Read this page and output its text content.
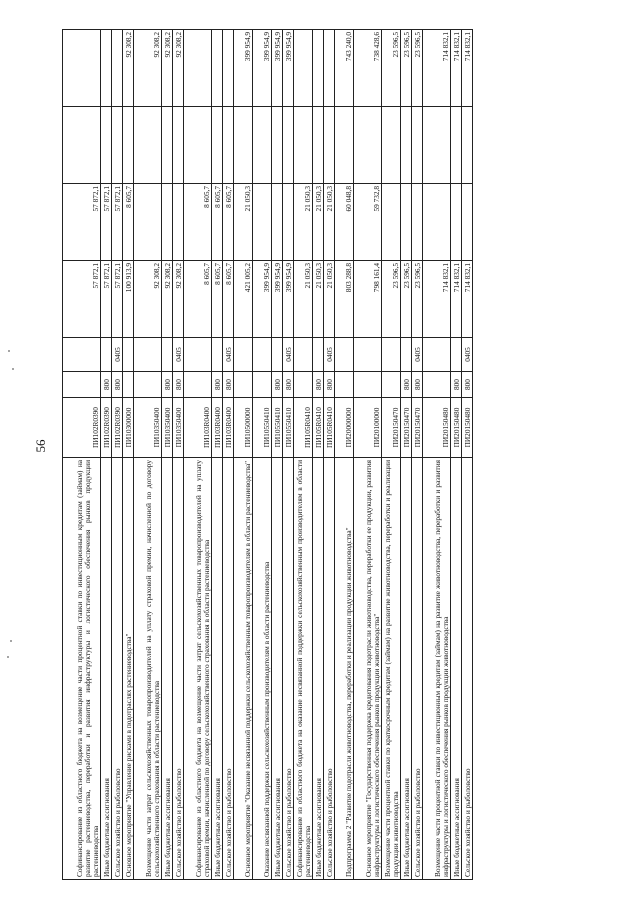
56
Софинансирование из областного бюджета на возмещение части процентной ставки по инвестиционным кредитам (займам) на развитие растениеводства, переработки и развития инфраструктуры и логистического обеспечения рынков продукции растениеводства	ПИ102R0390			57 872,1	57 872,1		
Иные бюджетные ассигнования	ПИ102R0390	800		57 872,1	57 872,1		
Сельское хозяйство и рыболовство	ПИ102R0390	800	0405	57 872,1	57 872,1		
Основное мероприятие "Управление рисками в подотраслях растениеводства"	ПИ10300000			100 913,9	8 605,7		92 308,2
Возмещение части затрат сельскохозяйственных товаропроизводителей на уплату страховой премии, начисленной по договору сельскохозяйственного страхования в области растениеводства	ПИ10350400			92 308,2			92 308,2
Иные бюджетные ассигнования	ПИ10350400	800		92 308,2			92 308,2
Сельское хозяйство и рыболовство	ПИ10350400	800	0405	92 308,2			92 308,2
Софинансирование из областного бюджета на возмещение части затрат сельскохозяйственных товаропроизводителей на уплату страховой премии, начисленной по договору сельскохозяйственного страхования в области растениеводства	ПИ103R0400			8 605,7	8 605,7		
Иные бюджетные ассигнования	ПИ103R0400	800		8 605,7	8 605,7		
Сельское хозяйство и рыболовство	ПИ103R0400	800	0405	8 605,7	8 605,7		
Основное мероприятие "Оказание несвязанной поддержки сельскохозяйственным товаропроизводителям в области растениеводства"	ПИ10500000			421 005,2	21 050,3		399 954,9
Оказание несвязанной поддержки сельскохозяйственным производителям в области растениеводства	ПИ10550410			399 954,9			399 954,9
Иные бюджетные ассигнования	ПИ10550410	800		399 954,9			399 954,9
Сельское хозяйство и рыболовство	ПИ10550410	800	0405	399 954,9			399 954,9
Софинансирование из областного бюджета на оказание несвязанной поддержки сельскохозяйственным производителям в области растениеводства	ПИ105R0410			21 050,3	21 050,3		
Иные бюджетные ассигнования	ПИ105R0410	800		21 050,3	21 050,3		
Сельское хозяйство и рыболовство	ПИ105R0410	800	0405	21 050,3	21 050,3		
Подпрограмма 2 "Развитие подотрасли животноводства, переработки и реализации продукции животноводства"	ПИ20000000			803 288,8	60 048,8		743 240,0
Основное мероприятие "Государственная поддержка кредитования подотрасли животноводства, переработки ее продукции, развития инфраструктуры и логистического обеспечения рынков продукции животноводства"	ПИ20100000			798 161,4	59 732,8		738 428,6
Возмещение части процентной ставки по краткосрочным кредитам (займам) на развитие животноводства, переработки и реализации продукции животноводства	ПИ20150470			23 596,5			23 596,5
Иные бюджетные ассигнования	ПИ20150470	800		23 596,5			23 596,5
Сельское хозяйство и рыболовство	ПИ20150470	800	0405	23 596,5			23 596,5
Возмещение части процентной ставки по инвестиционным кредитам (займам) на развитие животноводства, переработки и развития инфраструктуры и логистического обеспечения рынков продукции животноводства	ПИ20150480			714 832,1			714 832,1
Иные бюджетные ассигнования	ПИ20150480	800		714 832,1			714 832,1
Сельское хозяйство и рыболовство	ПИ20150480	800	0405	714 832,1			714 832,1
